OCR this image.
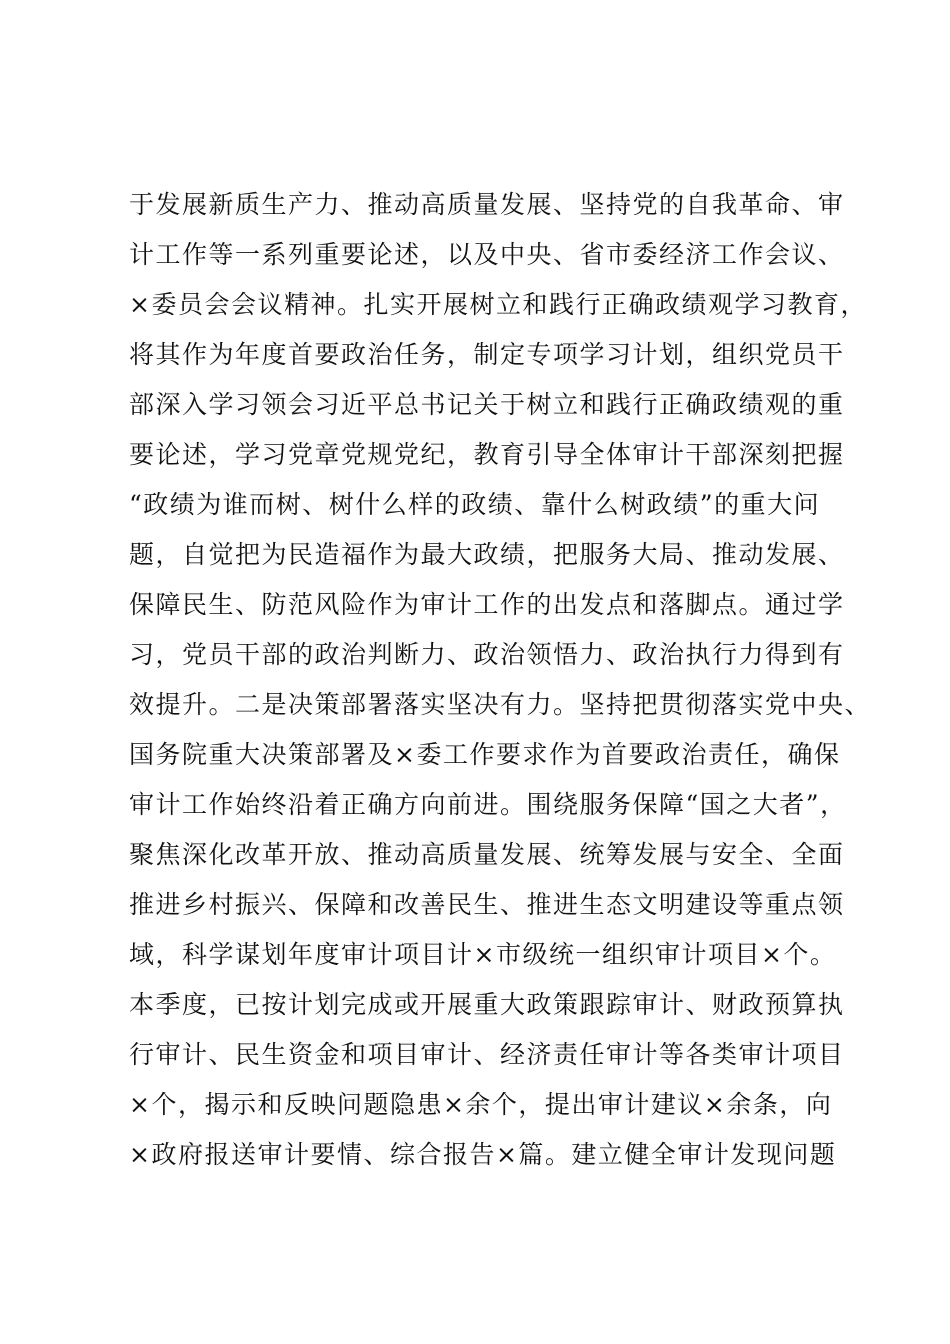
于发展新质生产力、推动高质量发展、坚持党的自我革命、审
计工作等一系列重要论述，以及中央、省市委经济工作会议、
×委员会会议精神。扎实开展树立和践行正确政绩观学习教育，
将其作为年度首要政治任务，制定专项学习计划，组织党员干
部深入学习领会习近平总书记关于树立和践行正确政绩观的重
要论述，学习党章党规党纪，教育引导全体审计干部深刻把握
“政绩为谁而树、树什么样的政绩、靠什么树政绩”的重大问
题，自觉把为民造福作为最大政绩，把服务大局、推动发展、
保障民生、防范风险作为审计工作的出发点和落脚点。通过学
习，党员干部的政治判断力、政治领悟力、政治执行力得到有
效提升。二是决策部署落实坚决有力。坚持把贯彻落实党中央、
国务院重大决策部署及×委工作要求作为首要政治责任，确保
审计工作始终沿着正确方向前进。围绕服务保障“国之大者”，
聚焦深化改革开放、推动高质量发展、统筹发展与安全、全面
推进乡村振兴、保障和改善民生、推进生态文明建设等重点领
域，科学谋划年度审计项目计×市级统一组织审计项目×个。
本季度，已按计划完成或开展重大政策跟踪审计、财政预算执
行审计、民生资金和项目审计、经济责任审计等各类审计项目
×个，揭示和反映问题隐患×余个，提出审计建议×余条，向
×政府报送审计要情、综合报告×篇。建立健全审计发现问题
